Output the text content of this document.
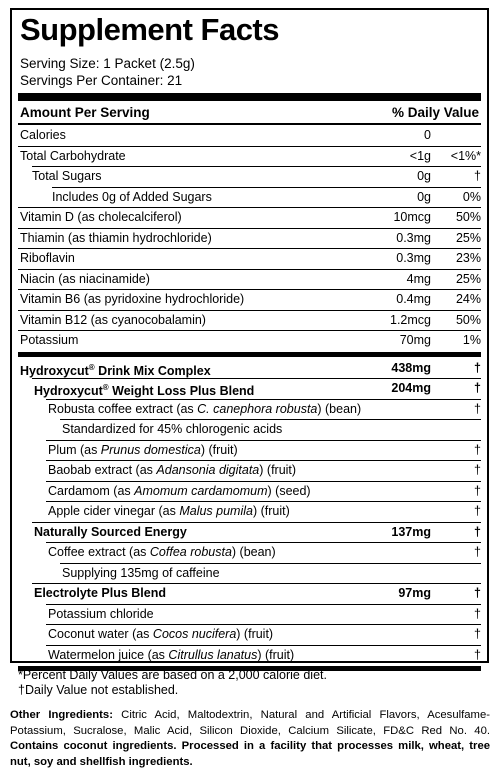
Supplement Facts
Serving Size: 1 Packet (2.5g)
Servings Per Container: 21
Amount Per Serving	% Daily Value
Calories	0
Total Carbohydrate	<1g	<1%*
Total Sugars	0g	†
Includes 0g of Added Sugars	0g	0%
Vitamin D (as cholecalciferol)	10mcg	50%
Thiamin (as thiamin hydrochloride)	0.3mg	25%
Riboflavin	0.3mg	23%
Niacin (as niacinamide)	4mg	25%
Vitamin B6 (as pyridoxine hydrochloride)	0.4mg	24%
Vitamin B12 (as cyanocobalamin)	1.2mcg	50%
Potassium	70mg	1%
Hydroxycut® Drink Mix Complex	438mg	†
Hydroxycut® Weight Loss Plus Blend	204mg	†
Robusta coffee extract (as C. canephora robusta) (bean)	†
Standardized for 45% chlorogenic acids
Plum (as Prunus domestica) (fruit)	†
Baobab extract (as Adansonia digitata) (fruit)	†
Cardamom (as Amomum cardamomum) (seed)	†
Apple cider vinegar (as Malus pumila) (fruit)	†
Naturally Sourced Energy	137mg	†
Coffee extract (as Coffea robusta) (bean)	†
Supplying 135mg of caffeine
Electrolyte Plus Blend	97mg	†
Potassium chloride	†
Coconut water (as Cocos nucifera) (fruit)	†
Watermelon juice (as Citrullus lanatus) (fruit)	†
*Percent Daily Values are based on a 2,000 calorie diet.
†Daily Value not established.
Other Ingredients: Citric Acid, Maltodextrin, Natural and Artificial Flavors, Acesulfame-Potassium, Sucralose, Malic Acid, Silicon Dioxide, Calcium Silicate, FD&C Red No. 40. Contains coconut ingredients. Processed in a facility that processes milk, wheat, tree nut, soy and shellfish ingredients.
